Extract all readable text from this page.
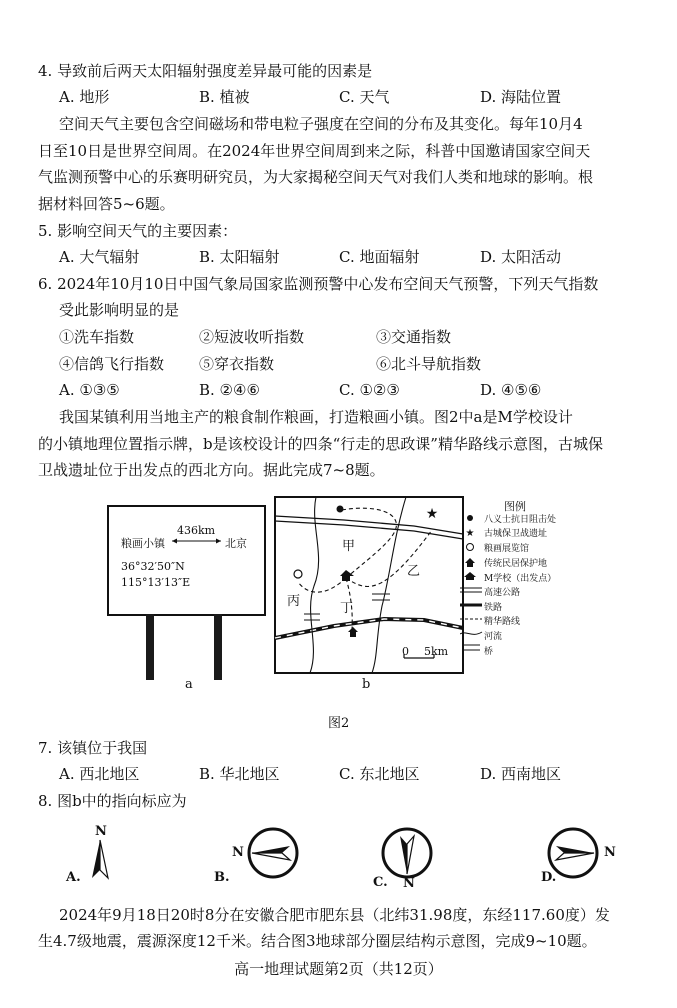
4. 导致前后两天太阳辐射强度差异最可能的因素是
A. 地形	B. 植被	C. 天气	D. 海陆位置
空间天气主要包含空间磁场和带电粒子强度在空间的分布及其变化。每年10月4
日至10日是世界空间周。在2024年世界空间周到来之际，科普中国邀请国家空间天
气监测预警中心的乐赛明研究员，为大家揭秘空间天气对我们人类和地球的影响。根
据材料回答5~6题。
5. 影响空间天气的主要因素：
A. 大气辐射	B. 太阳辐射	C. 地面辐射	D. 太阳活动
6. 2024年10月10日中国气象局国家监测预警中心发布空间天气预警，下列天气指数
受此影响明显的是
①洗车指数	②短波收听指数	③交通指数
④信鸽飞行指数 ⑤穿衣指数	⑥北斗导航指数
A. ①③⑤	B. ②④⑥	C. ①②③	D. ④⑤⑥
我国某镇利用当地主产的粮食制作粮画，打造粮画小镇。图2中a是M学校设计
的小镇地理位置指示牌，b是该校设计的四条“行走的思政课”精华路线示意图，古城保
卫战遗址位于出发点的西北方向。据此完成7~8题。
436km
粮画小镇	北京
36°32′50″N
115°13′13″E
a
★
甲
乙
丙	丁
0 5km
b
图例
★
八义士抗日阻击处
古城保卫战遗址
粮画展览馆
传统民居保护地
M学校（出发点）
高速公路
铁路
精华路线
河流
桥
图2
7. 该镇位于我国
A. 西北地区	B. 华北地区	C. 东北地区	D. 西南地区
8. 图b中的指向标应为
N
A.
N
B.	N
C.
N
D.
2024年9月18日20时8分在安徽合肥市肥东县（北纬31.98度，东经117.60度）发
生4.7级地震，震源深度12千米。结合图3地球部分圈层结构示意图，完成9~10题。
高一地理试题第2页（共12页）
